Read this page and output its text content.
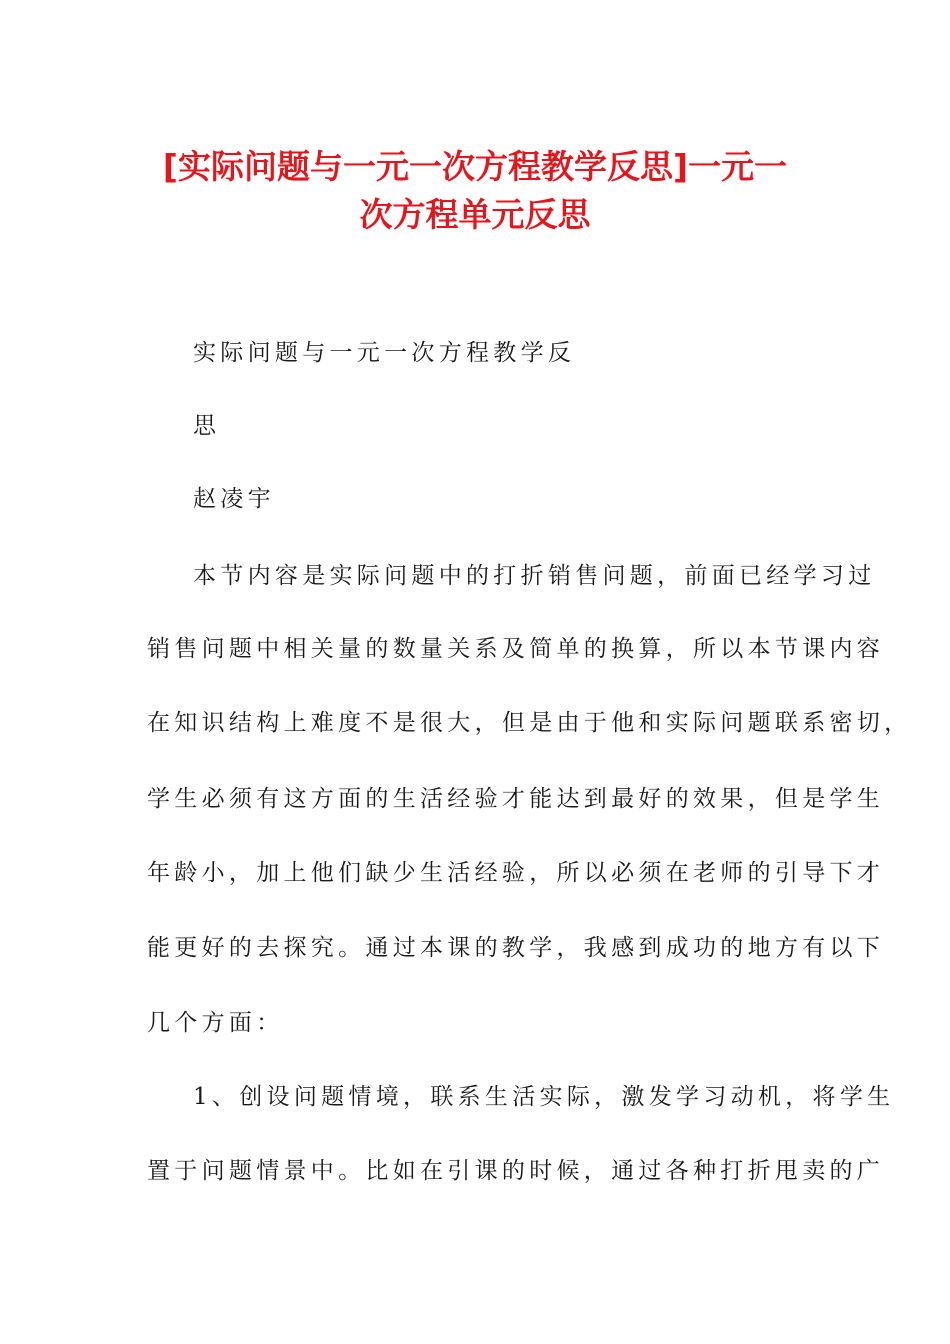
[实际问题与一元一次方程教学反思]一元一
次方程单元反思
实际问题与一元一次方程教学反
思
赵凌宇
本节内容是实际问题中的打折销售问题，前面已经学习过
销售问题中相关量的数量关系及简单的换算，所以本节课内容
在知识结构上难度不是很大，但是由于他和实际问题联系密切，
学生必须有这方面的生活经验才能达到最好的效果，但是学生
年龄小，加上他们缺少生活经验，所以必须在老师的引导下才
能更好的去探究。通过本课的教学，我感到成功的地方有以下
几个方面：
1、创设问题情境，联系生活实际，激发学习动机，将学生
置于问题情景中。比如在引课的时候，通过各种打折甩卖的广
